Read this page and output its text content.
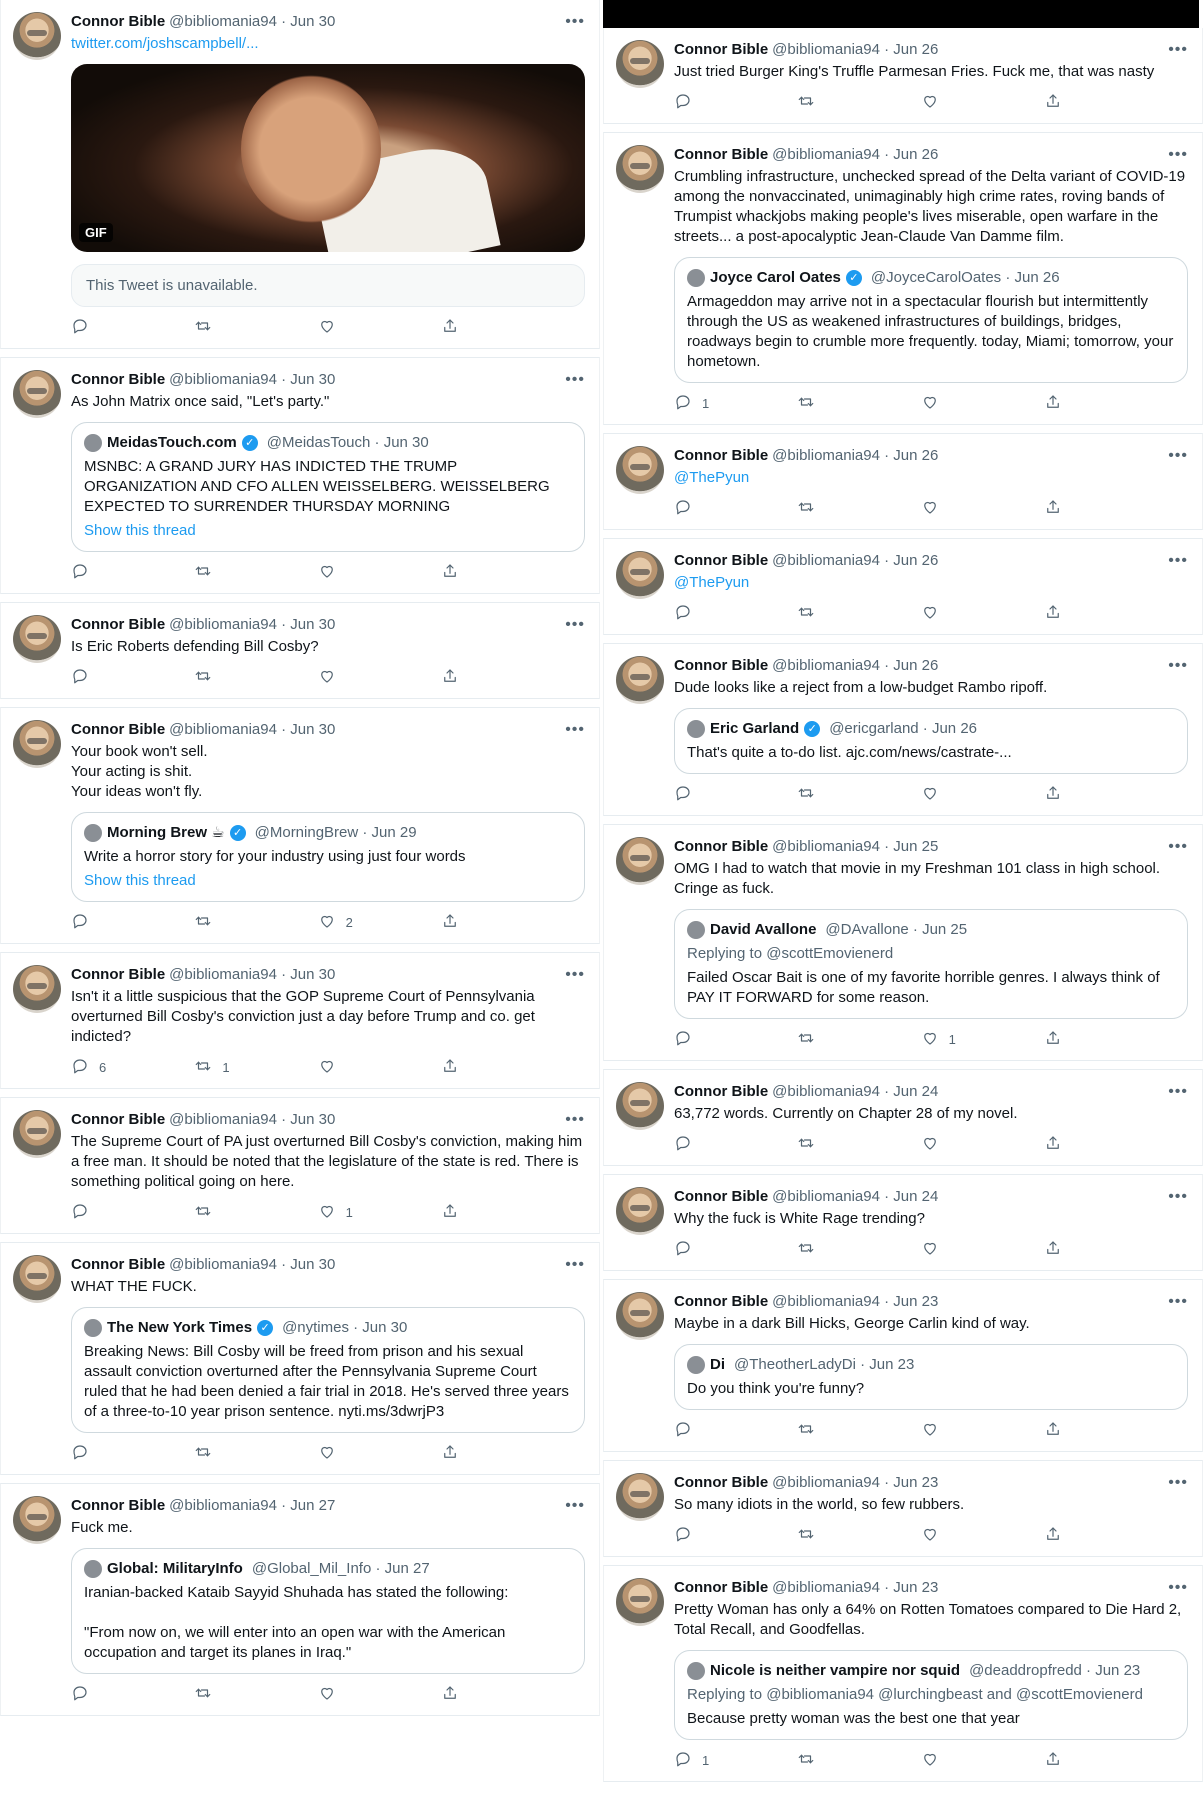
Connor Bible @bibliomania94 · Jun 30	•••
twitter.com/joshscampbell/...
GIF
This Tweet is unavailable.
Connor Bible @bibliomania94 · Jun 30	•••
As John Matrix once said, "Let's party."
MeidasTouch.com ✓ @MeidasTouch · Jun 30
MSNBC: A GRAND JURY HAS INDICTED THE TRUMP ORGANIZATION AND CFO ALLEN WEISSELBERG. WEISSELBERG EXPECTED TO SURRENDER THURSDAY MORNING
Show this thread
Connor Bible @bibliomania94 · Jun 30	•••
Is Eric Roberts defending Bill Cosby?
Connor Bible @bibliomania94 · Jun 30	•••
Your book won't sell.
Your acting is shit.
Your ideas won't fly.
Morning Brew ☕ ✓ @MorningBrew · Jun 29
Write a horror story for your industry using just four words
Show this thread
2
Connor Bible @bibliomania94 · Jun 30	•••
Isn't it a little suspicious that the GOP Supreme Court of Pennsylvania overturned Bill Cosby's conviction just a day before Trump and co. get indicted?
6	1
Connor Bible @bibliomania94 · Jun 30	•••
The Supreme Court of PA just overturned Bill Cosby's conviction, making him a free man. It should be noted that the legislature of the state is red. There is something political going on here.
1
Connor Bible @bibliomania94 · Jun 30	•••
WHAT THE FUCK.
The New York Times ✓ @nytimes · Jun 30
Breaking News: Bill Cosby will be freed from prison and his sexual assault conviction overturned after the Pennsylvania Supreme Court ruled that he had been denied a fair trial in 2018. He's served three years of a three-to-10 year prison sentence. nyti.ms/3dwrjP3
Connor Bible @bibliomania94 · Jun 27	•••
Fuck me.
Global: MilitaryInfo @Global_Mil_Info · Jun 27
Iranian-backed Kataib Sayyid Shuhada has stated the following:

"From now on, we will enter into an open war with the American occupation and target its planes in Iraq."
Connor Bible @bibliomania94 · Jun 26	•••
Just tried Burger King's Truffle Parmesan Fries. Fuck me, that was nasty
Connor Bible @bibliomania94 · Jun 26	•••
Crumbling infrastructure, unchecked spread of the Delta variant of COVID-19 among the nonvaccinated, unimaginably high crime rates, roving bands of Trumpist whackjobs making people's lives miserable, open warfare in the streets... a post-apocalyptic Jean-Claude Van Damme film.
Joyce Carol Oates ✓ @JoyceCarolOates · Jun 26
Armageddon may arrive not in a spectacular flourish but intermittently through the US as weakened infrastructures of buildings, bridges, roadways begin to crumble more frequently. today, Miami; tomorrow, your hometown.
1
Connor Bible @bibliomania94 · Jun 26	•••
@ThePyun
Connor Bible @bibliomania94 · Jun 26	•••
@ThePyun
Connor Bible @bibliomania94 · Jun 26	•••
Dude looks like a reject from a low-budget Rambo ripoff.
Eric Garland ✓ @ericgarland · Jun 26
That's quite a to-do list. ajc.com/news/castrate-...
Connor Bible @bibliomania94 · Jun 25	•••
OMG I had to watch that movie in my Freshman 101 class in high school. Cringe as fuck.
David Avallone @DAvallone · Jun 25
Replying to @scottEmovienerd
Failed Oscar Bait is one of my favorite horrible genres. I always think of PAY IT FORWARD for some reason.
1
Connor Bible @bibliomania94 · Jun 24	•••
63,772 words. Currently on Chapter 28 of my novel.
Connor Bible @bibliomania94 · Jun 24	•••
Why the fuck is White Rage trending?
Connor Bible @bibliomania94 · Jun 23	•••
Maybe in a dark Bill Hicks, George Carlin kind of way.
Di @TheotherLadyDi · Jun 23
Do you think you're funny?
Connor Bible @bibliomania94 · Jun 23	•••
So many idiots in the world, so few rubbers.
Connor Bible @bibliomania94 · Jun 23	•••
Pretty Woman has only a 64% on Rotten Tomatoes compared to Die Hard 2, Total Recall, and Goodfellas.
Nicole is neither vampire nor squid @deaddropfredd · Jun 23
Replying to @bibliomania94 @lurchingbeast and @scottEmovienerd
Because pretty woman was the best one that year
1
